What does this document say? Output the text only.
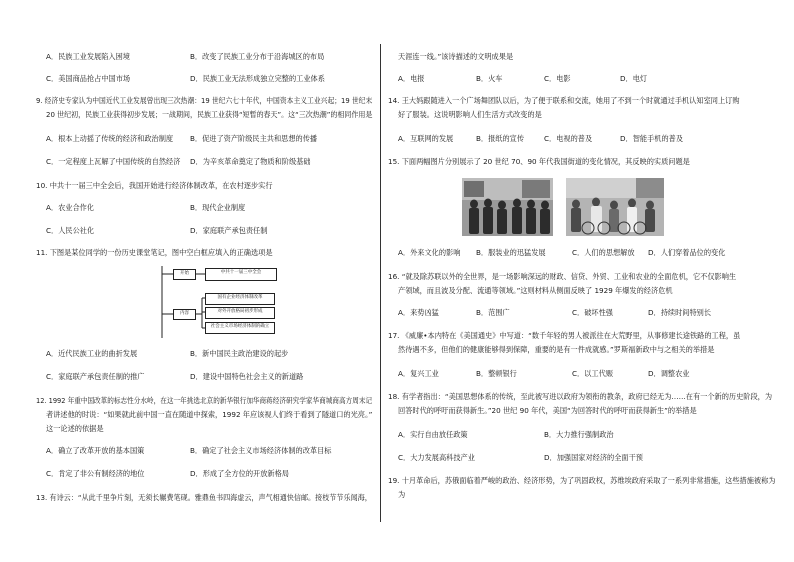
A．民族工业发展陷入困境	B．改变了民族工业分布于沿海城区的布局
C．美国商品抢占中国市场	D．民族工业无法形成独立完整的工业体系
9. 经济史专家认为中国近代工业发展曾出现三次热潮：19 世纪六七十年代，中国资本主义工业兴起；19 世纪末
20 世纪初，民族工业获得初步发展；一战期间，民族工业获得“短暂的春天”。这“三次热潮”的相同作用是
A．根本上动摇了传统的经济和政治制度 B．促进了资产阶级民主共和思想的传播
C．一定程度上瓦解了中国传统的自然经济 D．为辛亥革命奠定了物质和阶级基础
10. 中共十一届三中全会后，我国开始进行经济体制改革，在农村逐步实行
A．农业合作化	B．现代企业制度
C．人民公社化	D．家庭联产承包责任制
11. 下图是某位同学的一份历史课堂笔记，图中空白框应填入的正确选项是
开始	中共十一届三中全会
内容
国有企业经济体制改革
对外开放格局初步形成
社会主义市场经济体制的确立
A．近代民族工业的曲折发展	B．新中国民主政治建设的起步
C．家庭联产承包责任制的推广	D．建设中国特色社会主义的新道路
12. 1992 年重中国改革的标志性分水岭，在这一年挑选北京的新华银行加华商蒋经济研究学家华商城商高方周末记
者讲述他的时说：“如果就此前中国一直在随道中探索，1992 年应该视人们终于看到了隧道口的光亮。”
这一论述的依据是
A．确立了改革开放的基本国策	B．确定了社会主义市场经济体制的改革目标
C．肯定了非公有制经济的地位	D．形成了全方位的开放新格局
13. 有诗云：“从此千里争片刻，无须长辗费笔砚。雅鼎鱼书四海虚云，声气相通快信邮。接枝节节乐闻海，
天涯连一线。”该诗描述的文明成果是
A．电报	B．火车	C．电影	D．电灯
14. 王大妈跟随进入一个广场舞团队以后，为了便于联系和交流，她用了不到一个时就通过手机认知室同上订购
好了服装。这说明影响人们生活方式改变的是
A．互联网的发展	B．报纸的宣传	C．电视的普及	D．智能手机的普及
15. 下面两幅图片分别展示了 20 世纪 70、90 年代我国街道的变化情况，其反映的实质问题是
A．外来文化的影响 B．服装业的迅猛发展	C．人们的思想解放 D．人们穿着品位的变化
16. “就及除苏联以外的全世界，是一场影响深远的财政、信贷、外贸、工业和农业的全面危机，它不仅影响生
产领域，而且波及分配、流通等领域。”这则材料从侧面反映了 1929 年爆发的经济危机
A．来势凶猛	B．范围广	C．破坏性强	D．持续时间特别长
17. 《威廉•本内特在《美国通史》中写道：“数千年轻的男人被派往在大荒野里，从事修建长途铁路的工程，虽
然待遇不多，但他们的健康能够得到保障，重要的是有一件成就感。”罗斯福新政中与之相关的举措是
A．复兴工业	B．整顿银行	C．以工代赈	D．调整农业
18. 有学者指出：“美国思想体系的传统，至此被写进以政府为领衔的教条，政府已经无为……在有一个新的历史阶段，为
回答时代的呼吁而获得新生。”20 世纪 90 年代，美国“为回答时代的呼吁而获得新生”的举措是
A．实行自由放任政策	B．大力推行强制政治
C．大力发展高科技产业	D．加强国家对经济的全面干预
19. 十月革命后，苏俄面临着严峻的政治、经济形势，为了巩固政权，苏维埃政府采取了一系列非常措施，这些措施被称为
为
